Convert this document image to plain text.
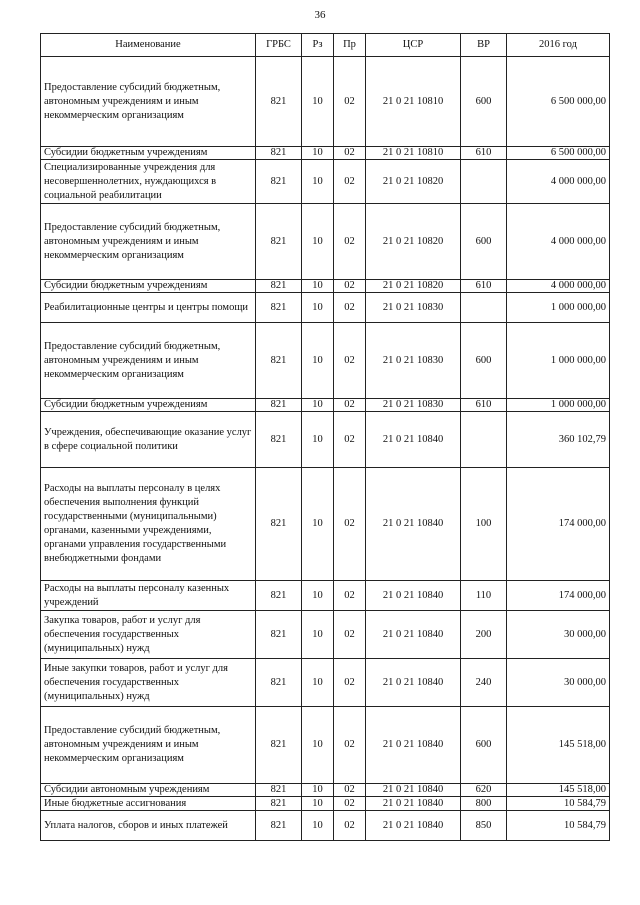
36
Наименование	ГРБС	Рз	Пр	ЦСР	ВР	2016 год
Предоставление субсидий бюджетным, автономным учреждениям и иным некоммерческим организациям	821	10	02	21 0 21 10810	600	6 500 000,00
Субсидии бюджетным учреждениям	821	10	02	21 0 21 10810	610	6 500 000,00
Специализированные учреждения для несовершеннолетних, нуждающихся в социальной реабилитации	821	10	02	21 0 21 10820		4 000 000,00
Предоставление субсидий бюджетным, автономным учреждениям и иным некоммерческим организациям	821	10	02	21 0 21 10820	600	4 000 000,00
Субсидии бюджетным учреждениям	821	10	02	21 0 21 10820	610	4 000 000,00
Реабилитационные центры и центры помощи	821	10	02	21 0 21 10830		1 000 000,00
Предоставление субсидий бюджетным, автономным учреждениям и иным некоммерческим организациям	821	10	02	21 0 21 10830	600	1 000 000,00
Субсидии бюджетным учреждениям	821	10	02	21 0 21 10830	610	1 000 000,00
Учреждения, обеспечивающие оказание услуг в сфере социальной политики	821	10	02	21 0 21 10840		360 102,79
Расходы на выплаты персоналу в целях обеспечения выполнения функций государственными (муниципальными) органами, казенными учреждениями, органами управления государственными внебюджетными фондами	821	10	02	21 0 21 10840	100	174 000,00
Расходы на выплаты персоналу казенных учреждений	821	10	02	21 0 21 10840	110	174 000,00
Закупка товаров, работ и услуг для обеспечения государственных (муниципальных) нужд	821	10	02	21 0 21 10840	200	30 000,00
Иные закупки товаров, работ и услуг для обеспечения государственных (муниципальных) нужд	821	10	02	21 0 21 10840	240	30 000,00
Предоставление субсидий бюджетным, автономным учреждениям и иным некоммерческим организациям	821	10	02	21 0 21 10840	600	145 518,00
Субсидии автономным учреждениям	821	10	02	21 0 21 10840	620	145 518,00
Иные бюджетные ассигнования	821	10	02	21 0 21 10840	800	10 584,79
Уплата налогов, сборов и иных платежей	821	10	02	21 0 21 10840	850	10 584,79
